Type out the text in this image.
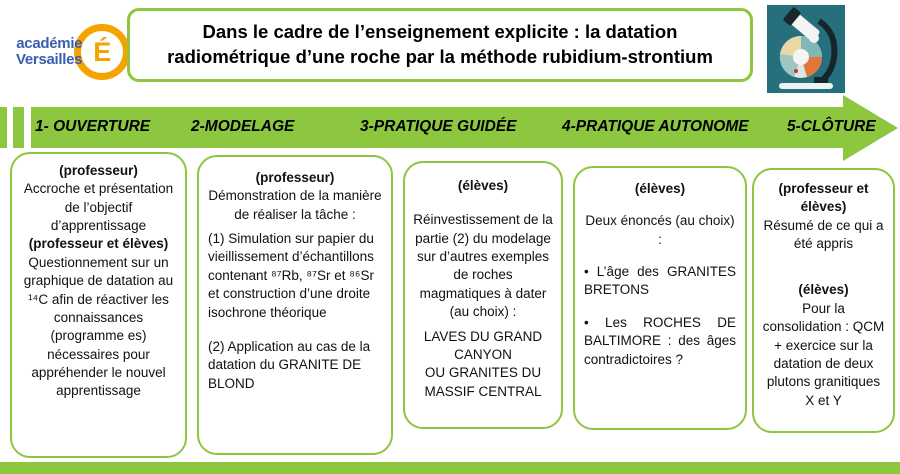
académie
Versailles É
Dans le cadre de l’enseignement explicite : la datation radiométrique d’une roche par la méthode rubidium-strontium
1- OUVERTURE	2-MODELAGE	3-PRATIQUE GUIDÉE	4-PRATIQUE AUTONOME 5-CLÔTURE

(professeur)

Accroche et présentation de l’objectif d’apprentissage

(professeur et élèves)

Questionnement sur un graphique de datation au ¹⁴C afin de réactiver les connaissances (programme es) nécessaires pour appréhender le nouvel apprentissage

(professeur)

Démonstration de la manière de réaliser la tâche :

(1) Simulation sur papier du vieillissement d’échantillons contenant ⁸⁷Rb, ⁸⁷Sr et ⁸⁶Sr et construction d’une droite isochrone théorique

(2) Application au cas de la datation du GRANITE DE BLOND

(élèves)

Réinvestissement de la partie (2) du modelage sur d’autres exemples de roches magmatiques à dater (au choix) :

LAVES DU GRAND CANYON

OU GRANITES DU MASSIF CENTRAL

(élèves)

Deux énoncés (au choix) :

• L’âge des GRANITES BRETONS

• Les ROCHES DE BALTIMORE : des âges contradictoires ?

(professeur et élèves)

Résumé de ce qui a été appris

(élèves)

Pour la consolidation : QCM + exercice sur la datation de deux plutons granitiques X et Y
